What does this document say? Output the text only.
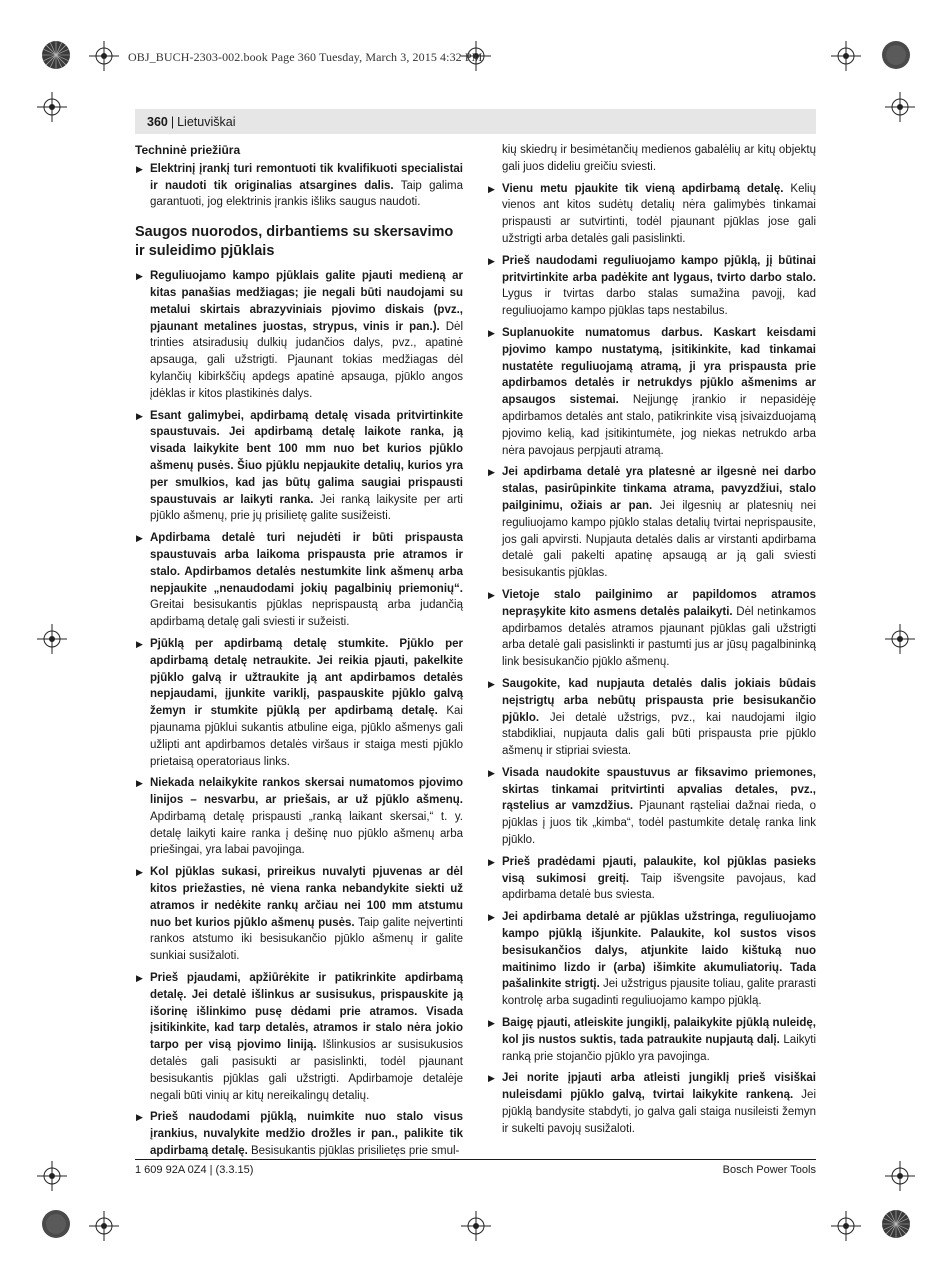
OBJ_BUCH-2303-002.book Page 360 Tuesday, March 3, 2015 4:32 PM
360 | Lietuviškai
Techninė priežiūra
▶ Elektrinį įrankį turi remontuoti tik kvalifikuoti specialistai ir naudoti tik originalias atsargines dalis. Taip galima garantuoti, jog elektrinis įrankis išliks saugus naudoti.
Saugos nuorodos, dirbantiems su skersavimo ir suleidimo pjūklais
▶ Reguliuojamo kampo pjūklais galite pjauti medieną ar kitas panašias medžiagas; jie negali būti naudojami su metalui skirtais abrazyviniais pjovimo diskais (pvz., pjaunant metalines juostas, strypus, vinis ir pan.). Dėl trinties atsiradusių dulkių judančios dalys, pvz., apatinė apsauga, gali užstrigti. Pjaunant tokias medžiagas dėl kylančių kibirkščių apdegs apatinė apsauga, pjūklo angos įdėklas ir kitos plastikinės dalys.
▶ Esant galimybei, apdirbamą detalę visada pritvirtinkite spaustuvais. Jei apdirbamą detalę laikote ranka, ją visada laikykite bent 100 mm nuo bet kurios pjūklo ašmenų pusės. Šiuo pjūklu nepjaukite detalių, kurios yra per smulkios, kad jas būtų galima saugiai prispausti spaustuvais ar laikyti ranka. Jei ranką laikysite per arti pjūklo ašmenų, prie jų prisilietę galite susižeisti.
▶ Apdirbama detalė turi nejudėti ir būti prispausta spaustuvais arba laikoma prispausta prie atramos ir stalo. Apdirbamos detalės nestumkite link ašmenų arba nepjaukite „nenaudodami jokių pagalbinių priemonių“. Greitai besisukantis pjūklas neprispaustą arba judančią apdirbamą detalę gali sviesti ir sužeisti.
▶ Pjūklą per apdirbamą detalę stumkite. Pjūklo per apdirbamą detalę netraukite. Jei reikia pjauti, pakelkite pjūklo galvą ir užtraukite ją ant apdirbamos detalės nepjaudami, įjunkite variklį, paspauskite pjūklo galvą žemyn ir stumkite pjūklą per apdirbamą detalę. Kai pjaunama pjūklui sukantis atbuline eiga, pjūklo ašmenys gali užlipti ant apdirbamos detalės viršaus ir staiga mesti pjūklo prietaisą operatoriaus links.
▶ Niekada nelaikykite rankos skersai numatomos pjovimo linijos – nesvarbu, ar priešais, ar už pjūklo ašmenų. Apdirbamą detalę prispausti „ranką laikant skersai,“ t. y. detalę laikyti kaire ranka į dešinę nuo pjūklo ašmenų arba priešingai, yra labai pavojinga.
▶ Kol pjūklas sukasi, prireikus nuvalyti pjuvenas ar dėl kitos priežasties, nė viena ranka nebandykite siekti už atramos ir nedėkite rankų arčiau nei 100 mm atstumu nuo bet kurios pjūklo ašmenų pusės. Taip galite neįvertinti rankos atstumo iki besisukančio pjūklo ašmenų ir galite sunkiai susižaloti.
▶ Prieš pjaudami, apžiūrėkite ir patikrinkite apdirbamą detalę. Jei detalė išlinkus ar susisukus, prispauskite ją išorinę išlinkimo pusę dėdami prie atramos. Visada įsitikinkite, kad tarp detalės, atramos ir stalo nėra jokio tarpo per visą pjovimo liniją. Išlinkusios ar susisukusios detalės gali pasisukti ar pasislinkti, todėl pjaunant besisukantis pjūklas gali užstrigti. Apdirbamoje detalėje negali būti vinių ar kitų nereikalingų detalių.
▶ Prieš naudodami pjūklą, nuimkite nuo stalo visus įrankius, nuvalykite medžio drožles ir pan., palikite tik apdirbamą detalę. Besisukantis pjūklas prisilietęs prie smul-
kių skiedrų ir besimėtančių medienos gabalėlių ar kitų objektų gali juos dideliu greičiu sviesti.
▶ Vienu metu pjaukite tik vieną apdirbamą detalę. Kelių vienos ant kitos sudėtų detalių nėra galimybės tinkamai prispausti ar sutvirtinti, todėl pjaunant pjūklas jose gali užstrigti arba detalės gali pasislinkti.
▶ Prieš naudodami reguliuojamo kampo pjūklą, jį būtinai pritvirtinkite arba padėkite ant lygaus, tvirto darbo stalo. Lygus ir tvirtas darbo stalas sumažina pavojį, kad reguliuojamo kampo pjūklas taps nestabilus.
▶ Suplanuokite numatomus darbus. Kaskart keisdami pjovimo kampo nustatymą, įsitikinkite, kad tinkamai nustatėte reguliuojamą atramą, ji yra prispausta prie apdirbamos detalės ir netrukdys pjūklo ašmenims ar apsaugos sistemai. Neįjungę įrankio ir nepasidėję apdirbamos detalės ant stalo, patikrinkite visą įsivaizduojamą pjovimo kelią, kad įsitikintumėte, jog niekas netrukdo arba nėra pavojaus perpjauti atramą.
▶ Jei apdirbama detalė yra platesnė ar ilgesnė nei darbo stalas, pasirūpinkite tinkama atrama, pavyzdžiui, stalo pailginimu, ožiais ar pan. Jei ilgesnių ar platesnių nei reguliuojamo kampo pjūklo stalas detalių tvirtai neprispausite, jos gali apvirsti. Nupjauta detalės dalis ar virstanti apdirbama detalė gali pakelti apatinę apsaugą ar ją gali sviesti besisukantis pjūklas.
▶ Vietoje stalo pailginimo ar papildomos atramos nepraşykite kito asmens detalės palaikyti. Dėl netinkamos apdirbamos detalės atramos pjaunant pjūklas gali užstrigti arba detalė gali pasislinkti ir pastumti jus ar jūsų pagalbininką link besisukančio pjūklo ašmenų.
▶ Saugokite, kad nupjauta detalės dalis jokiais būdais neįstrigtų arba nebūtų prispausta prie besisukančio pjūklo. Jei detalė užstrigs, pvz., kai naudojami ilgio stabdikliai, nupjauta dalis gali būti prispausta prie pjūklo ašmenų ir stipriai sviesta.
▶ Visada naudokite spaustuvus ar fiksavimo priemones, skirtas tinkamai pritvirtinti apvalias detales, pvz., rąstelius ar vamzdžius. Pjaunant rąsteliai dažnai rieda, o pjūklas į juos tik „kimba“, todėl pastumkite detalę ranka link pjūklo.
▶ Prieš pradėdami pjauti, palaukite, kol pjūklas pasieks visą sukimosi greitį. Taip išvengsite pavojaus, kad apdirbama detalė bus sviesta.
▶ Jei apdirbama detalė ar pjūklas užstringa, reguliuojamo kampo pjūklą išjunkite. Palaukite, kol sustos visos besisukančios dalys, atjunkite laido kištuką nuo maitinimo lizdo ir (arba) išimkite akumuliatorių. Tada pašalinkite strigtį. Jei užstrigus pjausite toliau, galite prarasti kontrolę arba sugadinti reguliuojamo kampo pjūklą.
▶ Baigę pjauti, atleiskite jungiklį, palaikykite pjūklą nuleidę, kol jis nustos suktis, tada patraukite nupjautą dalį. Laikyti ranką prie stojančio pjūklo yra pavojinga.
▶ Jei norite įpjauti arba atleisti jungiklį prieš visiškai nuleisdami pjūklo galvą, tvirtai laikykite rankeną. Jei pjūklą bandysite stabdyti, jo galva gali staiga nusileisti žemyn ir sukelti pavojų susižaloti.
1 609 92A 0Z4 | (3.3.15)	Bosch Power Tools
